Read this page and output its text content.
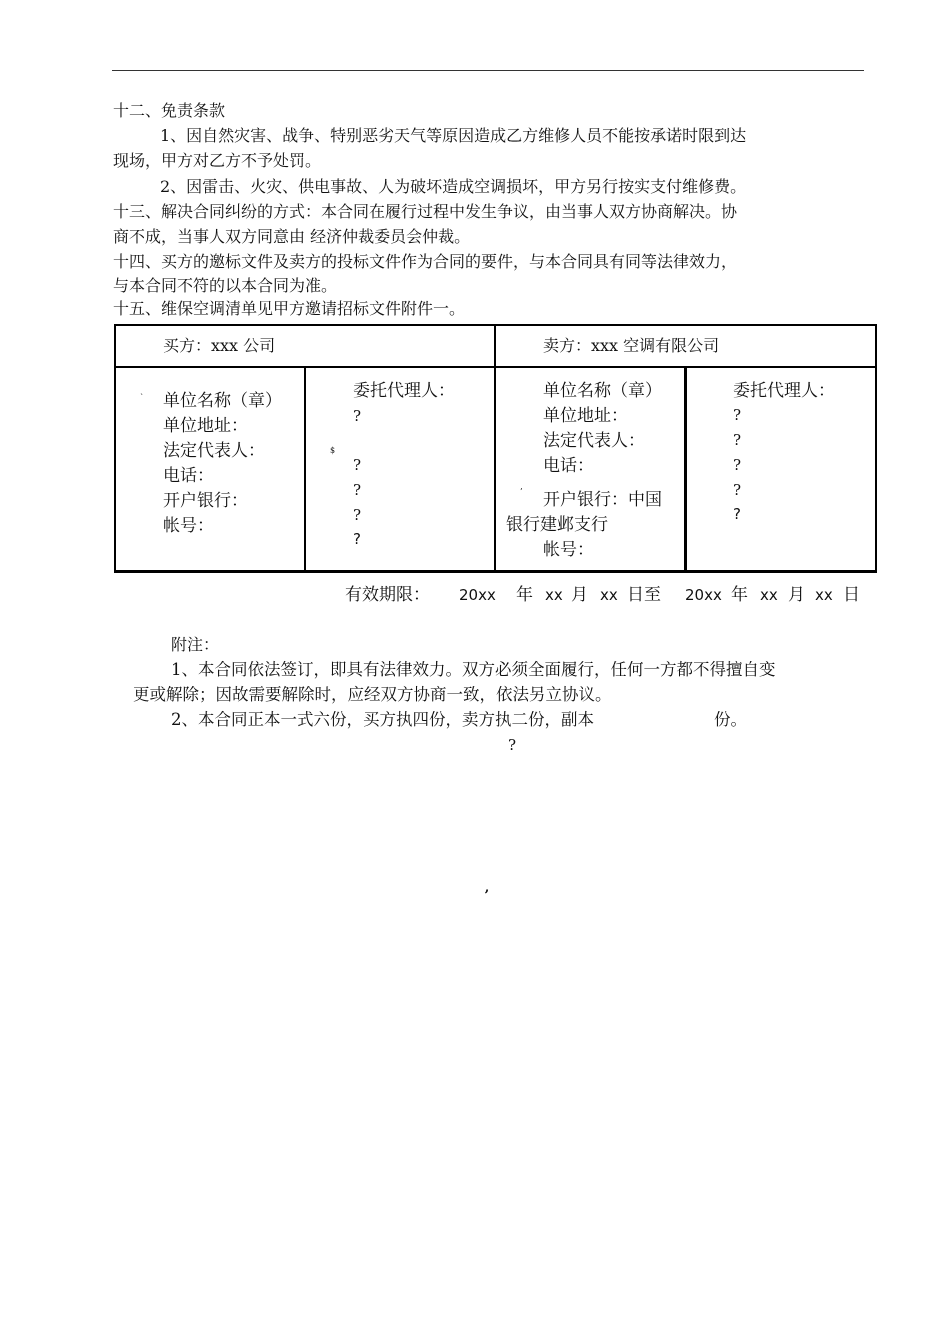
十二、免责条款
1、因自然灾害、战争、特别恶劣天气等原因造成乙方维修人员不能按承诺时限到达
现场，甲方对乙方不予处罚。
2、因雷击、火灾、供电事故、人为破坏造成空调损坏，甲方另行按实支付维修费。
十三、解决合同纠纷的方式：本合同在履行过程中发生争议，由当事人双方协商解决。协
商不成，当事人双方同意由 经济仲裁委员会仲裁。
十四、买方的邀标文件及卖方的投标文件作为合同的要件，与本合同具有同等法律效力，
与本合同不符的以本合同为准。
十五、维保空调清单见甲方邀请招标文件附件一。
买方：xxx 公司	卖方：xxx 空调有限公司
` 单位名称（章）
单位地址：
法定代表人：
电话：
开户银行：
帐号：
委托代理人：
?
$
?
?
?
?
单位名称（章）
单位地址：
法定代表人：
电话：
’ 开户银行：中国
银行建邺支行
帐号：
委托代理人：
?
?
?
?
?
有效期限： 20xx 年 xx 月 xx 日至 20xx 年 xx 月 xx 日
附注：
1、本合同依法签订，即具有法律效力。双方必须全面履行，任何一方都不得擅自变
更或解除；因故需要解除时，应经双方协商一致，依法另立协议。
2、本合同正本一式六份，买方执四份，卖方执二份，副本	份。
?
ʼ
